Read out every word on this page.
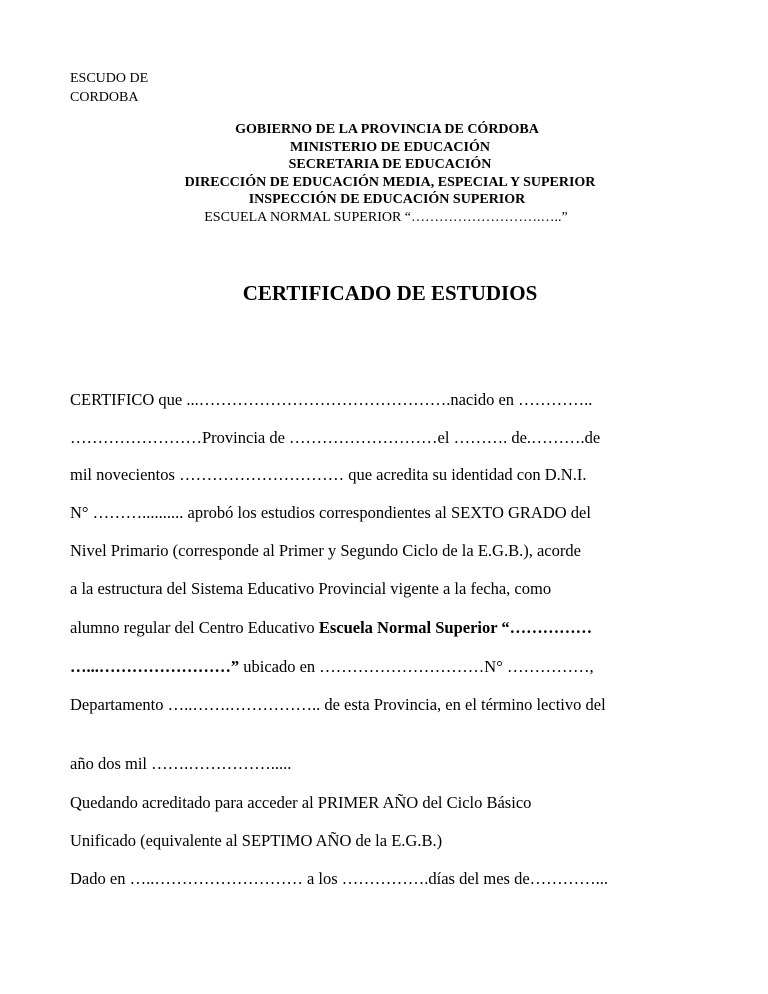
ESCUDO DE
CORDOBA
GOBIERNO DE LA PROVINCIA DE CÓRDOBA
MINISTERIO DE EDUCACIÓN
SECRETARIA DE EDUCACIÓN
DIRECCIÓN DE EDUCACIÓN MEDIA, ESPECIAL Y SUPERIOR
INSPECCIÓN DE EDUCACIÓN SUPERIOR
ESCUELA NORMAL SUPERIOR “……………………….…..”
CERTIFICADO DE ESTUDIOS
CERTIFICO que ...……………………………………….nacido en …………..
……………………Provincia de ………………………el ………. de.……….de
mil novecientos ………………………… que acredita su identidad con D.N.I.
N° ……….......... aprobó los estudios correspondientes al SEXTO GRADO del
Nivel Primario (corresponde al Primer y Segundo Ciclo de la E.G.B.), acorde
a la estructura del Sistema Educativo Provincial vigente a la fecha, como
alumno regular del Centro Educativo Escuela Normal Superior “……………
…...……………………” ubicado en …………………………N° ……………,
Departamento …..…….…………….. de esta Provincia, en el término lectivo del
año dos mil …….…………….....
Quedando acreditado para acceder al PRIMER AÑO del Ciclo Básico
Unificado (equivalente al SEPTIMO AÑO de la E.G.B.)
Dado en …..……………………… a los …………….días del mes de…………...
